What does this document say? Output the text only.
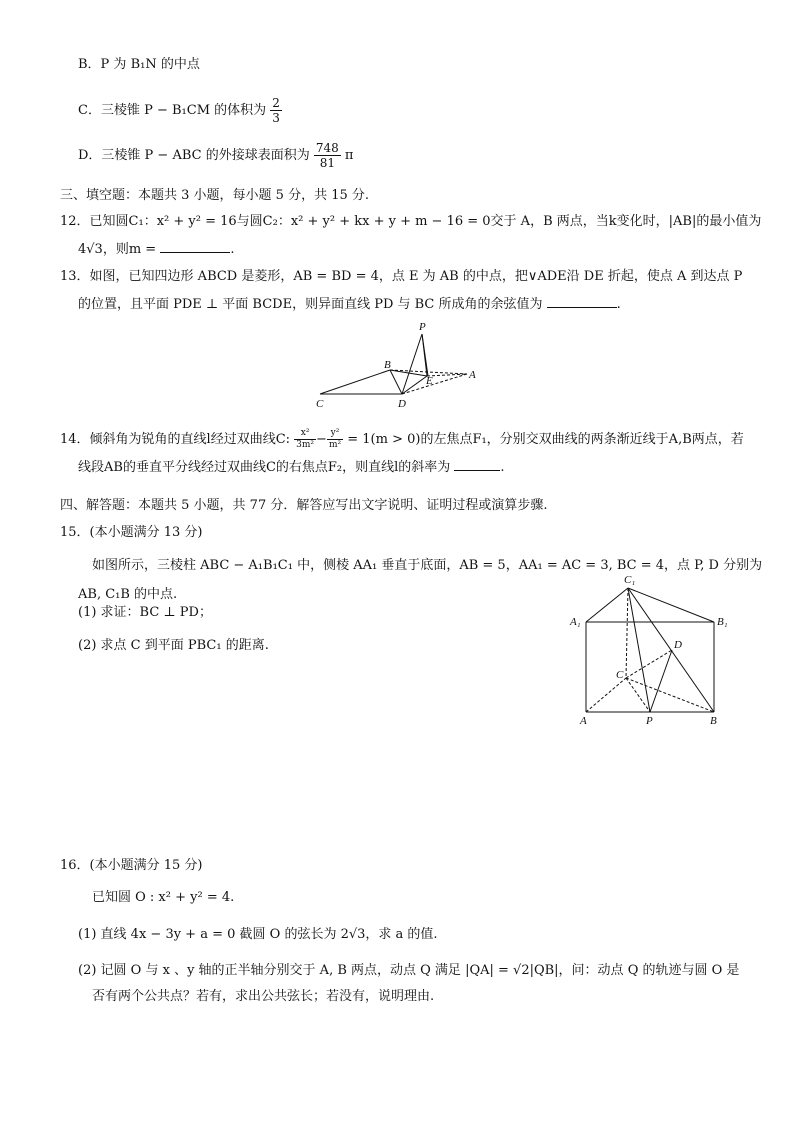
B．P 为 B₁N 的中点
C．三棱锥 P − B₁CM 的体积为 $\frac{2}{3}$
D．三棱锥 P − ABC 的外接球表面积为 $\frac{748}{81}$ π
三、填空题：本题共 3 小题，每小题 5 分，共 15 分.
12．已知圆C₁：x² + y² = 16与圆C₂：x² + y² + kx + y + m − 16 = 0交于 A，B 两点，当k变化时，|AB|的最小值为
4√3，则m =	.
13．如图，已知四边形 ABCD 是菱形，AB = BD = 4，点 E 为 AB 的中点，把∨ADE沿 DE 折起，使点 A 到达点 P
的位置，且平面 PDE ⊥ 平面 BCDE，则异面直线 PD 与 BC 所成角的余弦值为	.
P
B
E	A
C	D
14．倾斜角为锐角的直线l经过双曲线C: $\frac{\text{x²}}{\text{3m²}} - \frac{\text{y²}}{\text{m²}} = 1(m > 0)$的左焦点F₁，分别交双曲线的两条渐近线于A,B两点，若
线段AB的垂直平分线经过双曲线C的右焦点F₂，则直线l的斜率为	.
四、解答题：本题共 5 小题，共 77 分．解答应写出文字说明、证明过程或演算步骤.
15．(本小题满分 13 分)
如图所示，三棱柱 ABC − A₁B₁C₁ 中，侧棱 AA₁ 垂直于底面，AB = 5，AA₁ = AC = 3, BC = 4，点 P, D 分别为
AB, C₁B 的中点.
(1) 求证：BC ⊥ PD；
(2) 求点 C 到平面 PBC₁ 的距离.
C₁
A₁	B₁
D
C
A	P	B
16．(本小题满分 15 分)
已知圆 O : x² + y² = 4.
(1) 直线 4x − 3y + a = 0 截圆 O 的弦长为 2√3，求 a 的值.
(2) 记圆 O 与 x 、y 轴的正半轴分别交于 A, B 两点，动点 Q 满足 |QA| = √2|QB|，问：动点 Q 的轨迹与圆 O 是
否有两个公共点？若有，求出公共弦长；若没有，说明理由.
